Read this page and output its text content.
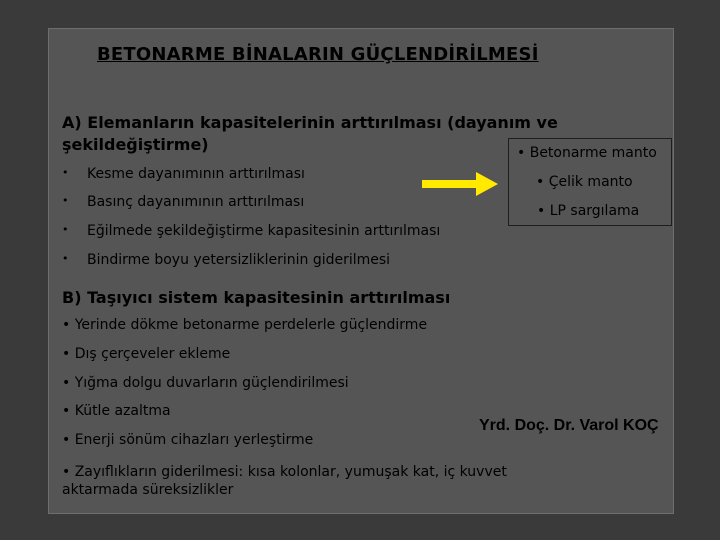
BETONARME BİNALARIN GÜÇLENDİRİLMESİ
A) Elemanların kapasitelerinin arttırılması (dayanım ve
şekildeğiştirme)
• Kesme dayanımının arttırılması
• Basınç dayanımının arttırılması
• Eğilmede şekildeğiştirme kapasitesinin arttırılması
• Bindirme boyu yetersizliklerinin giderilmesi
• Betonarme manto
• Çelik manto
• LP sargılama
B) Taşıyıcı sistem kapasitesinin arttırılması
• Yerinde dökme betonarme perdelerle güçlendirme
• Dış çerçeveler ekleme
• Yığma dolgu duvarların güçlendirilmesi
• Kütle azaltma
• Enerji sönüm cihazları yerleştirme
• Zayıflıkların giderilmesi: kısa kolonlar, yumuşak kat, iç kuvvet aktarmada süreksizlikler
Yrd. Doç. Dr. Varol KOÇ
